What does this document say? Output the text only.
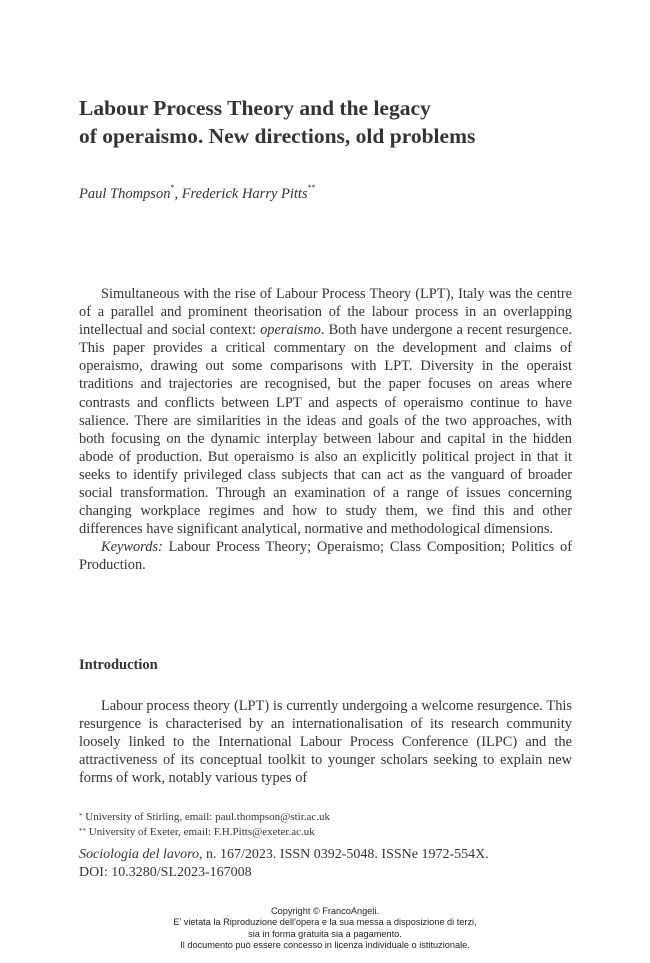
Labour Process Theory and the legacy
of operaismo. New directions, old problems
Paul Thompson*, Frederick Harry Pitts**

Simultaneous with the rise of Labour Process Theory (LPT), Italy was the centre of a parallel and prominent theorisation of the labour process in an overlapping intellectual and social context: operaismo. Both have undergone a recent resurgence. This paper provides a critical commentary on the development and claims of operaismo, drawing out some comparisons with LPT. Diversity in the operaist traditions and trajectories are recognised, but the paper focuses on areas where contrasts and conflicts between LPT and aspects of operaismo continue to have salience. There are similarities in the ideas and goals of the two approaches, with both focusing on the dynamic interplay between labour and capital in the hidden abode of production. But operaismo is also an explicitly political project in that it seeks to identify privileged class subjects that can act as the vanguard of broader social transformation. Through an examination of a range of issues concerning changing workplace regimes and how to study them, we find this and other differences have significant analytical, normative and methodological dimensions.

Keywords: Labour Process Theory; Operaismo; Class Composition; Politics of Production.

Introduction

Labour process theory (LPT) is currently undergoing a welcome resurgence. This resurgence is characterised by an internationalisation of its research community loosely linked to the International Labour Process Conference (ILPC) and the attractiveness of its conceptual toolkit to younger scholars seeking to explain new forms of work, notably various types of

* University of Stirling, email: paul.thompson@stir.ac.uk
** University of Exeter, email: F.H.Pitts@exeter.ac.uk
Sociologia del lavoro, n. 167/2023. ISSN 0392-5048. ISSNe 1972-554X.
DOI: 10.3280/SL2023-167008
Copyright © FrancoAngeli.
E' vietata la Riproduzione dell'opera e la sua messa a disposizione di terzi,
sia in forma gratuita sia a pagamento.
Il documento può essere concesso in licenza individuale o istituzionale.
